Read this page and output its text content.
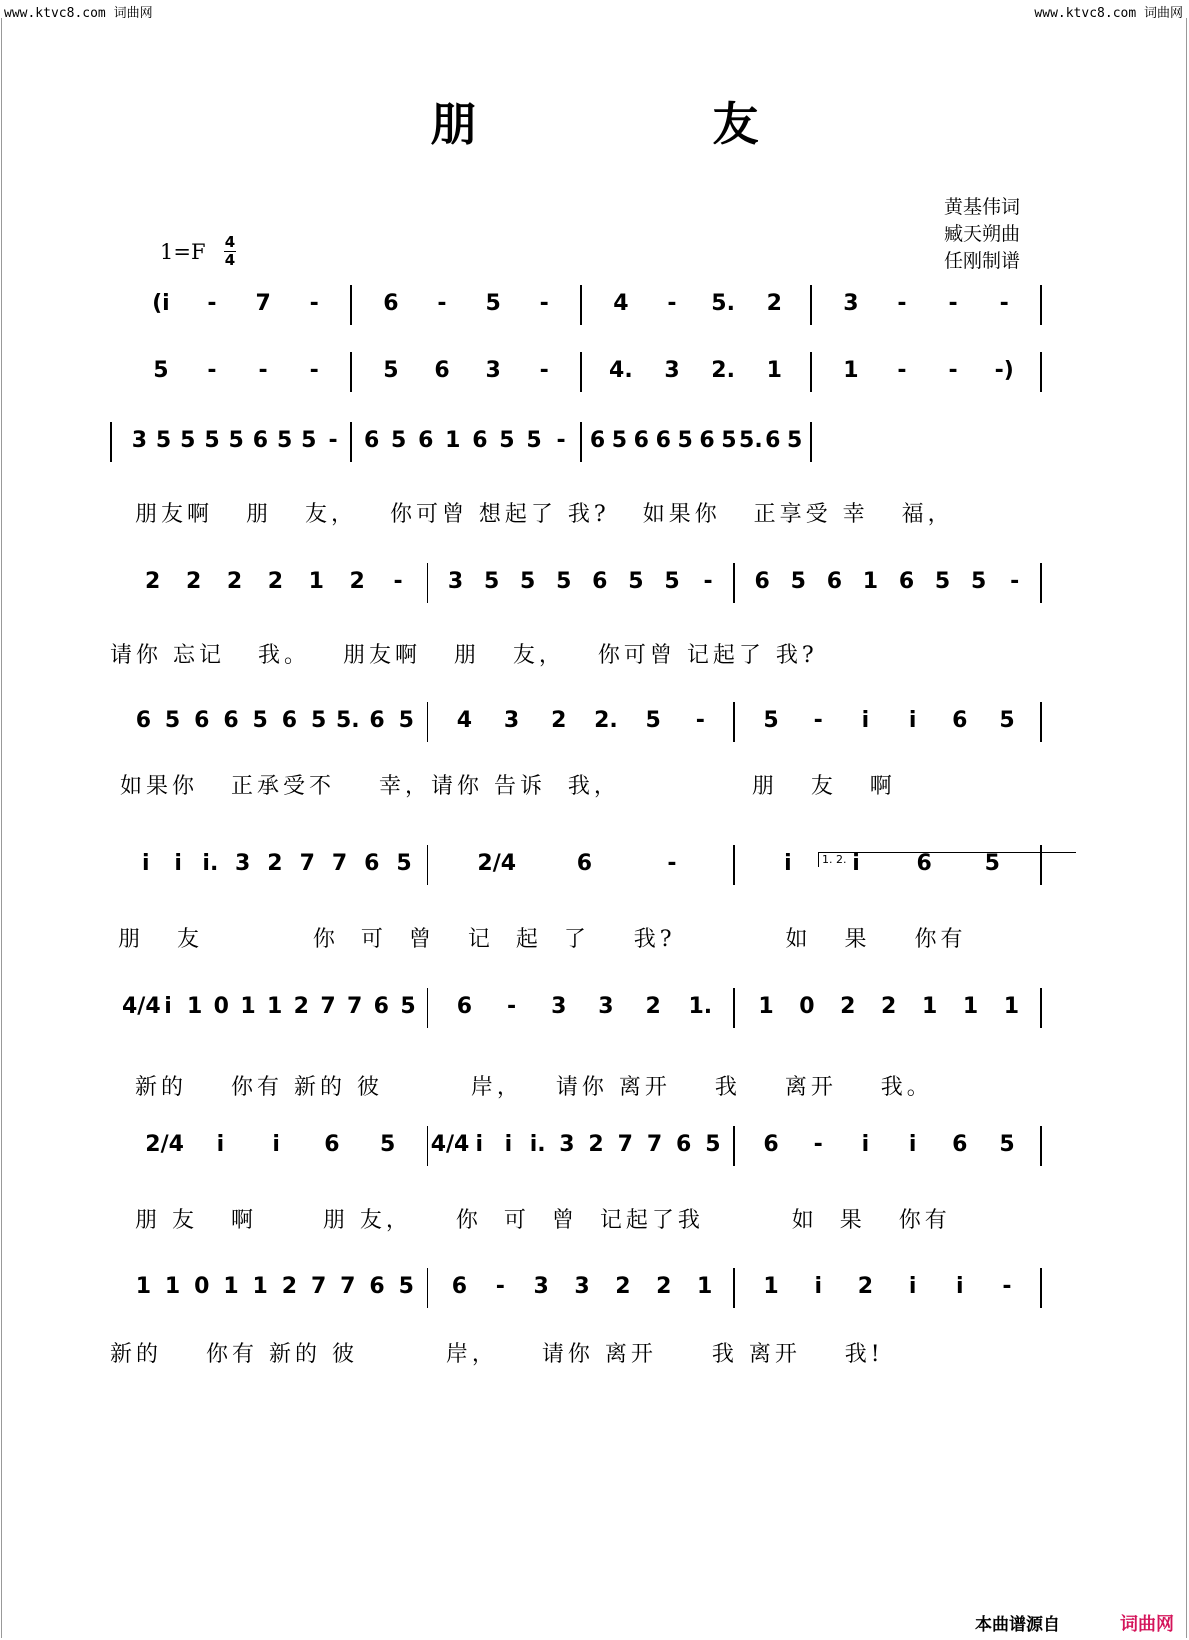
www.ktvc8.com 词曲网	www.ktvc8.com 词曲网
朋 友
黄基伟词
臧天朔曲
任刚制谱
1=F 4
4
(i - 7 -	6 - 5 -	4 - 5. 2	3 - - -
5 - - -	5 6 3 -	4. 3 2. 1	1 - - -)
3 5 5 5 5 6 5 5 - 6 5 6 1 6 5 5 - 6 5 6 6 5 6 5 5. 6 5
2 2 2 2 1 2 - 3 5 5 5 6 5 5 - 6 5 6 1 6 5 5 -
6 5 6 6 5 6 5 5. 6 5 4 3 2 2. 5 -	5 - i i 6 5
i i i. 3 2 7 7 6 5	2/4	6	-	i	i	6 5
4/4 i 1 0 1 1 2 7 7 6 5 6 - 3 3 2 1. 1 0 2 2 1 1 1
2/4 i i 6 5 4/4 i i i. 3 2 7 7 6 5 6 - i i 6 5
1 1 0 1 1 2 7 7 6 5 6 - 3 3 2 2 1 1 i 2 i i -
1. 2.
朋友啊   朋   友，   你可曾 想起了 我?   如果你   正享受 幸   福，
请你 忘记   我。   朋友啊   朋   友，   你可曾 记起了 我?
如果你   正承受不    幸，请你 告诉  我，            朋   友   啊
朋   友          你  可  曾   记  起  了    我?          如   果    你有
新的    你有 新的 彼        岸，   请你 离开    我    离开    我。
朋 友   啊      朋 友，    你  可  曾  记起了我        如  果   你有
新的    你有 新的 彼        岸，    请你 离开     我 离开    我!
本曲谱源自	词曲网
